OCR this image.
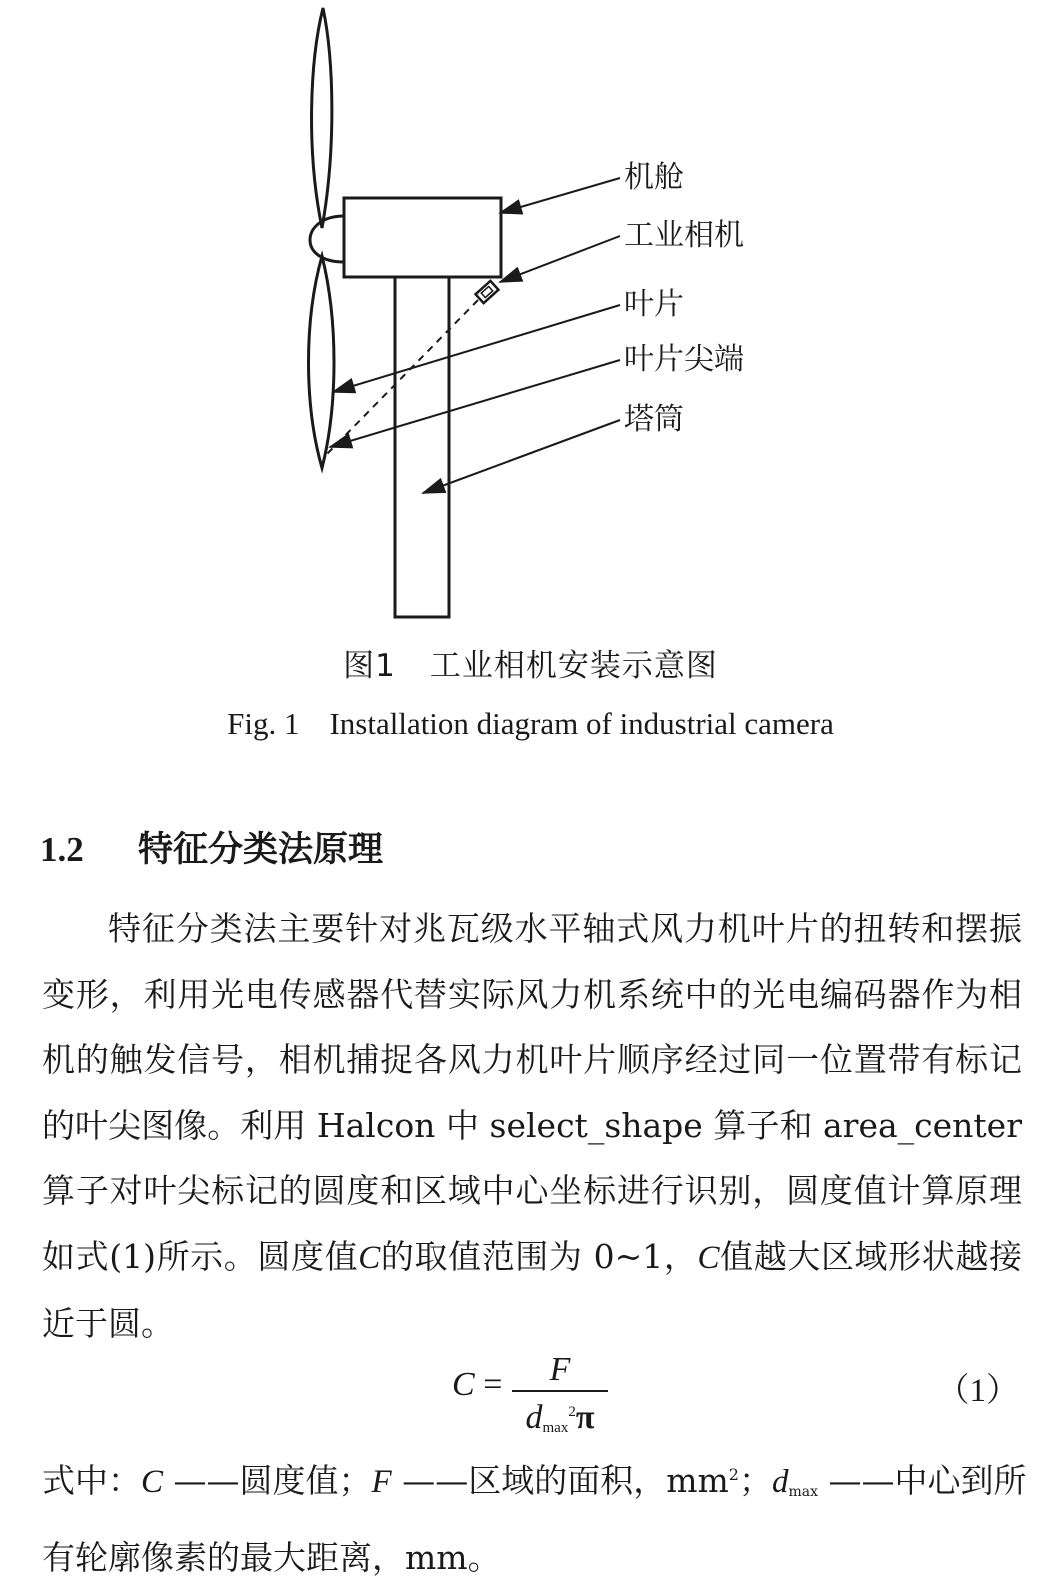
机舱
工业相机
叶片
叶片尖端
塔筒
图1 工业相机安装示意图
Fig. 1 Installation diagram of industrial camera
1.2 特征分类法原理
特征分类法主要针对兆瓦级水平轴式风力机叶片的扭转和摆振变形，利用光电传感器代替实际风力机系统中的光电编码器作为相机的触发信号，相机捕捉各风力机叶片顺序经过同一位置带有标记的叶尖图像。利用 Halcon 中 select_shape 算子和 area_center 算子对叶尖标记的圆度和区域中心坐标进行识别，圆度值计算原理如式(1)所示。圆度值C的取值范围为 0~1，C值越大区域形状越接近于圆。
C =	F
$d_{max}^2\pi$
（1）
式中：C ——圆度值；F ——区域的面积，$mm^2$；$d_{max}$ ——中心到所有轮廓像素的最大距离，mm。
